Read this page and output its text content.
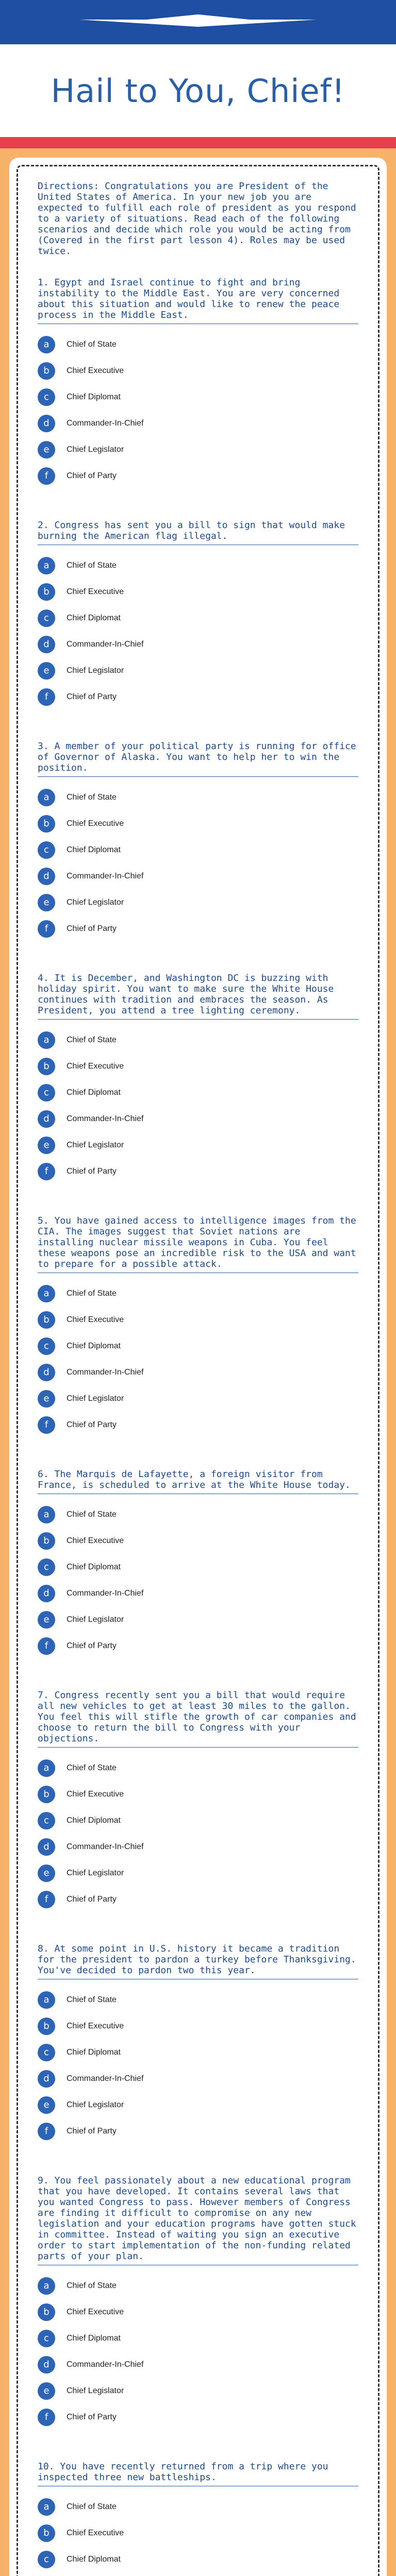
Hail to You, Chief!

Directions: Congratulations you are President of the United States of America. In your new job you are expected to fulfill each role of president as you respond to a variety of situations. Read each of the following scenarios and decide which role you would be acting from (Covered in the first part lesson 4). Roles may be used twice.

1. Egypt and Israel continue to fight and bring instability to the Middle East. You are very concerned about this situation and would like to renew the peace process in the Middle East.

a	Chief of State
b	Chief Executive
c	Chief Diplomat
d	Commander-In-Chief
e	Chief Legislator
f	Chief of Party

2. Congress has sent you a bill to sign that would make burning the American flag illegal.

a	Chief of State
b	Chief Executive
c	Chief Diplomat
d	Commander-In-Chief
e	Chief Legislator
f	Chief of Party

3. A member of your political party is running for office of Governor of Alaska. You want to help her to win the position.

a	Chief of State
b	Chief Executive
c	Chief Diplomat
d	Commander-In-Chief
e	Chief Legislator
f	Chief of Party

4. It is December, and Washington DC is buzzing with holiday spirit. You want to make sure the White House continues with tradition and embraces the season. As President, you attend a tree lighting ceremony.

a	Chief of State
b	Chief Executive
c	Chief Diplomat
d	Commander-In-Chief
e	Chief Legislator
f	Chief of Party

5. You have gained access to intelligence images from the CIA. The images suggest that Soviet nations are installing nuclear missile weapons in Cuba. You feel these weapons pose an incredible risk to the USA and want to prepare for a possible attack.

a	Chief of State
b	Chief Executive
c	Chief Diplomat
d	Commander-In-Chief
e	Chief Legislator
f	Chief of Party

6. The Marquis de Lafayette, a foreign visitor from France, is scheduled to arrive at the White House today.

a	Chief of State
b	Chief Executive
c	Chief Diplomat
d	Commander-In-Chief
e	Chief Legislator
f	Chief of Party

7. Congress recently sent you a bill that would require all new vehicles to get at least 30 miles to the gallon. You feel this will stifle the growth of car companies and choose to return the bill to Congress with your objections.

a	Chief of State
b	Chief Executive
c	Chief Diplomat
d	Commander-In-Chief
e	Chief Legislator
f	Chief of Party

8. At some point in U.S. history it became a tradition for the president to pardon a turkey before Thanksgiving. You've decided to pardon two this year.

a	Chief of State
b	Chief Executive
c	Chief Diplomat
d	Commander-In-Chief
e	Chief Legislator
f	Chief of Party

9. You feel passionately about a new educational program that you have developed. It contains several laws that you wanted Congress to pass. However members of Congress are finding it difficult to compromise on any new legislation and your education programs have gotten stuck in committee. Instead of waiting you sign an executive order to start implementation of the non-funding related parts of your plan.

a	Chief of State
b	Chief Executive
c	Chief Diplomat
d	Commander-In-Chief
e	Chief Legislator
f	Chief of Party

10. You have recently returned from a trip where you inspected three new battleships.

a	Chief of State
b	Chief Executive
c	Chief Diplomat
